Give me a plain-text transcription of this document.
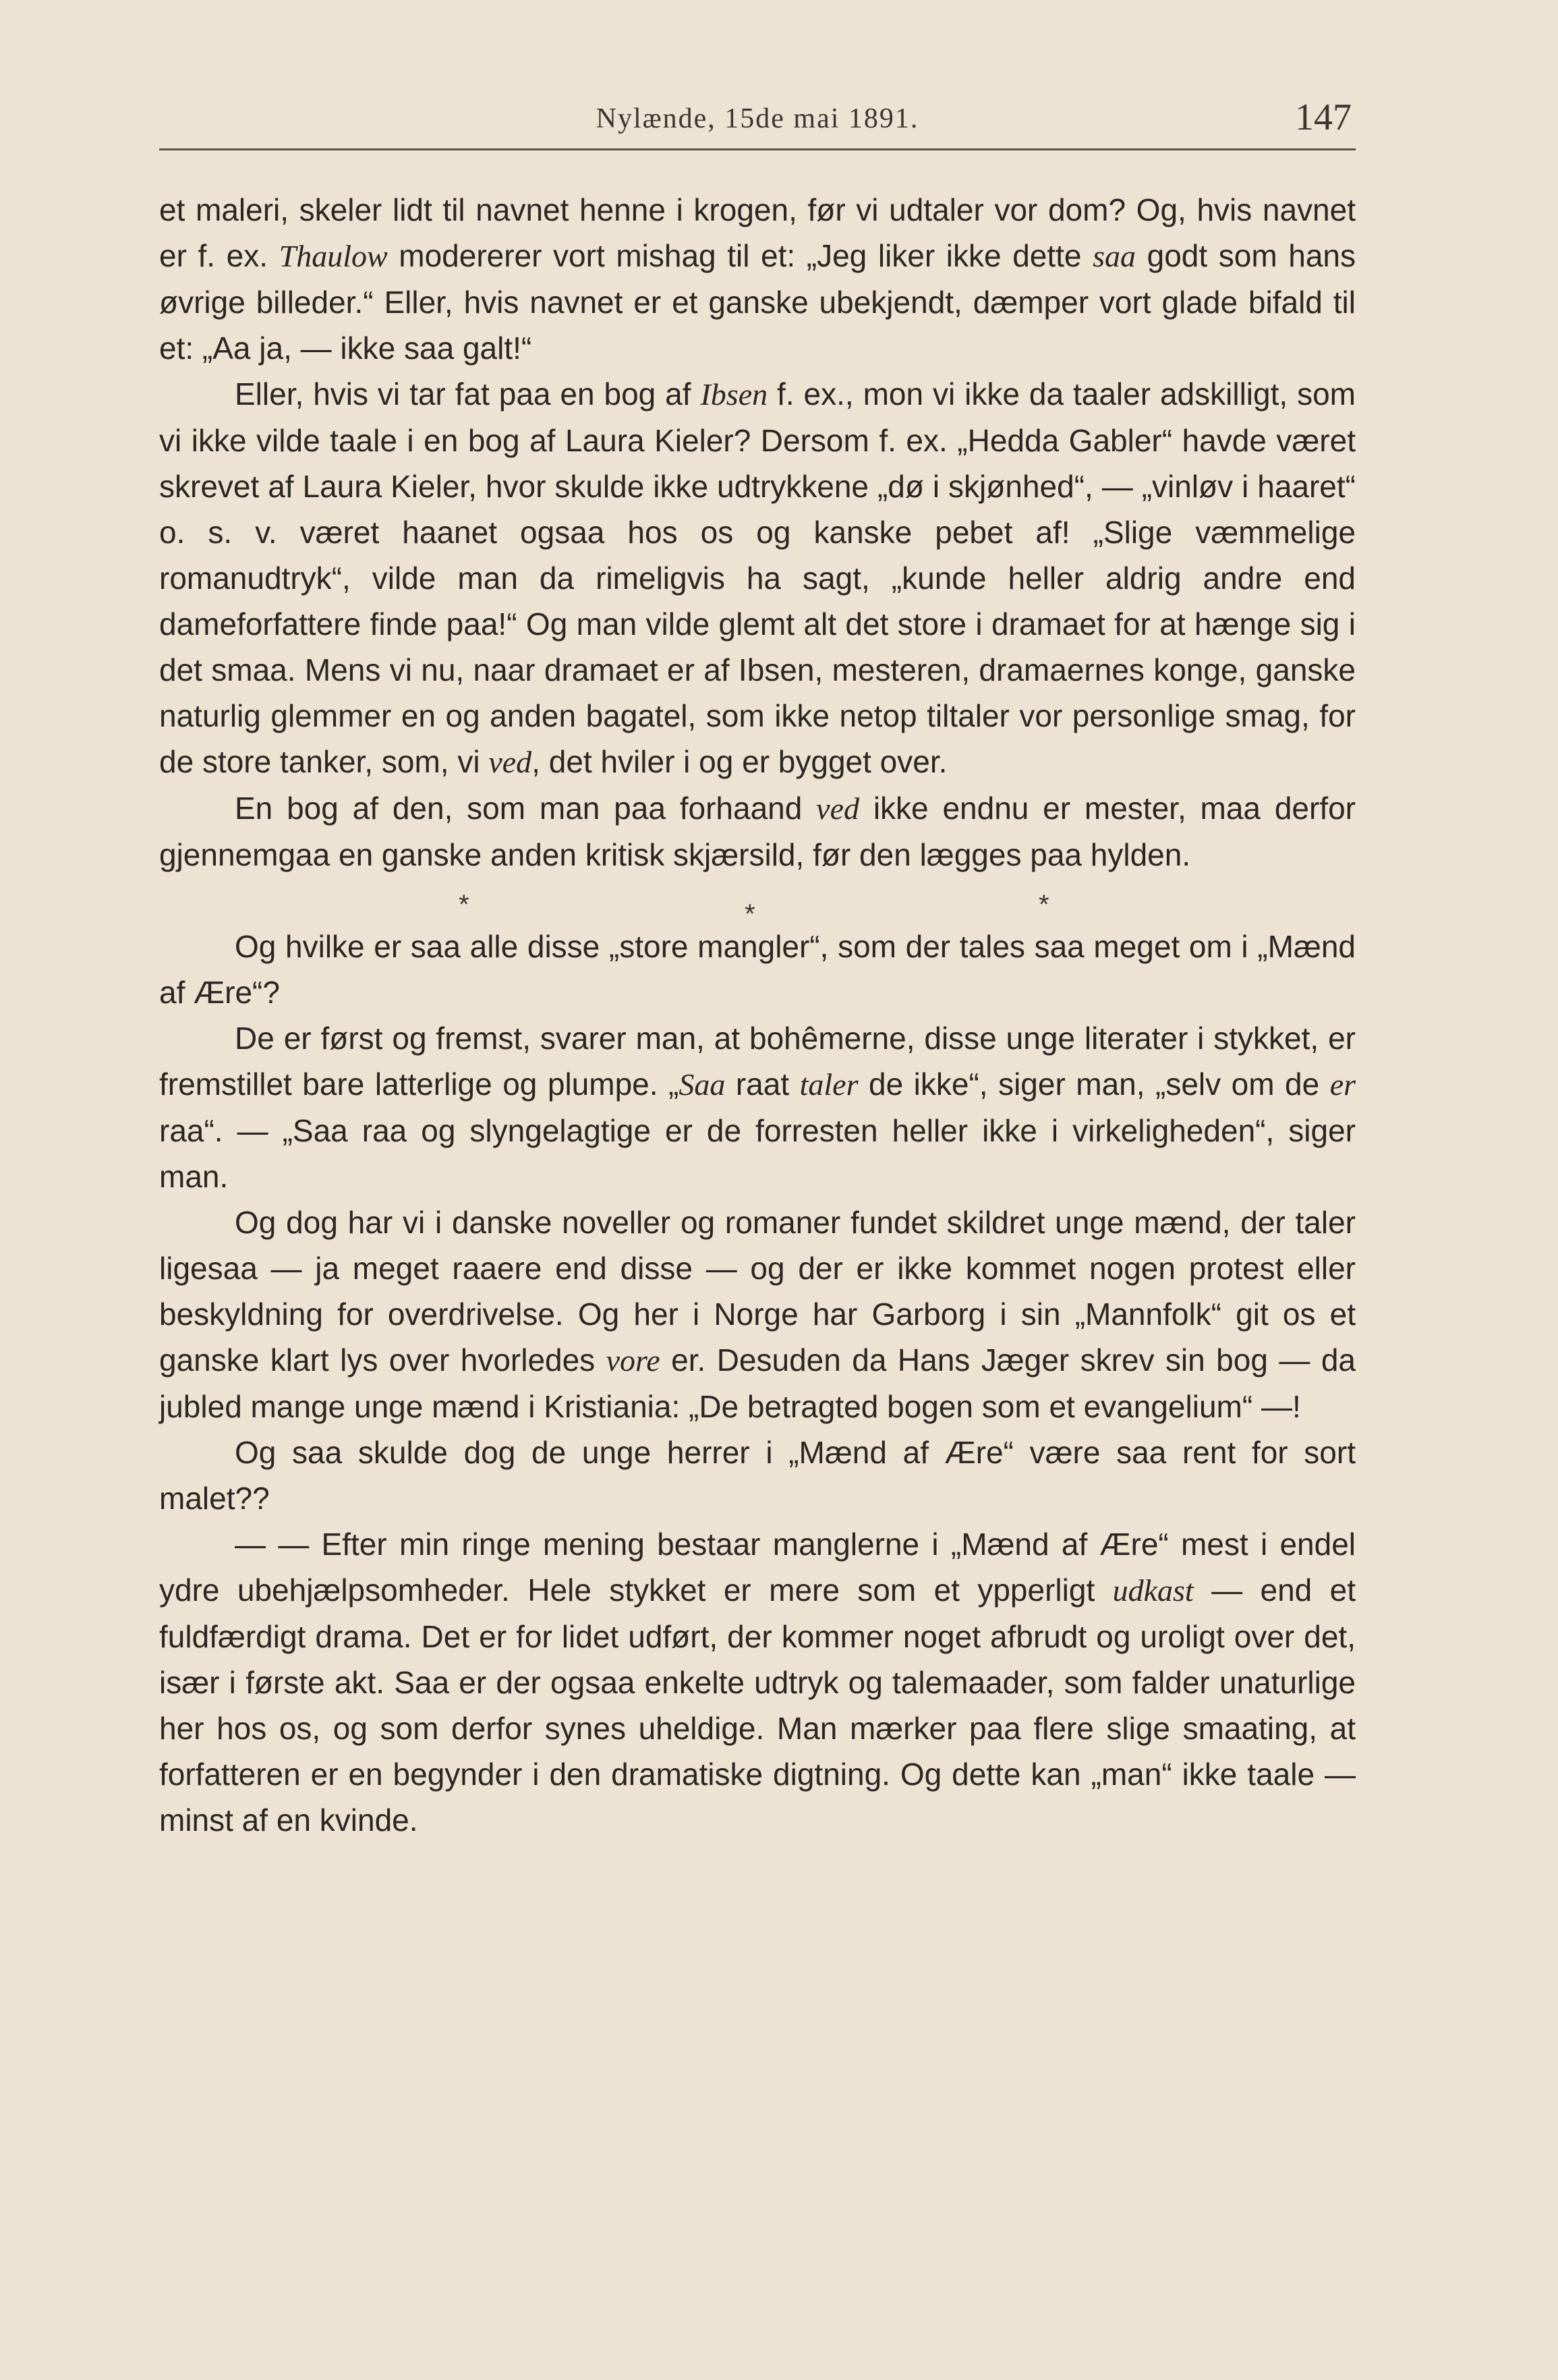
Nylænde, 15de mai 1891.	147

et maleri, skeler lidt til navnet henne i krogen, før vi udtaler vor dom? Og, hvis navnet er f. ex. Thaulow modererer vort mishag til et: „Jeg liker ikke dette saa godt som hans øvrige billeder.“ Eller, hvis navnet er et ganske ubekjendt, dæmper vort glade bifald til et: „Aa ja, — ikke saa galt!“

Eller, hvis vi tar fat paa en bog af Ibsen f. ex., mon vi ikke da taaler adskilligt, som vi ikke vilde taale i en bog af Laura Kieler? Dersom f. ex. „Hedda Gabler“ havde været skrevet af Laura Kieler, hvor skulde ikke udtrykkene „dø i skjønhed“, — „vinløv i haaret“ o. s. v. været haanet ogsaa hos os og kanske pebet af! „Slige væmmelige romanudtryk“, vilde man da rimeligvis ha sagt, „kunde heller aldrig andre end dameforfattere finde paa!“ Og man vilde glemt alt det store i dramaet for at hænge sig i det smaa. Mens vi nu, naar dramaet er af Ibsen, mesteren, dramaernes konge, ganske naturlig glemmer en og anden bagatel, som ikke netop tiltaler vor personlige smag, for de store tanker, som, vi ved, det hviler i og er bygget over.

En bog af den, som man paa forhaand ved ikke endnu er mester, maa derfor gjennemgaa en ganske anden kritisk skjærsild, før den lægges paa hylden.

*	*	*

Og hvilke er saa alle disse „store mangler“, som der tales saa meget om i „Mænd af Ære“?

De er først og fremst, svarer man, at bohêmerne, disse unge literater i stykket, er fremstillet bare latterlige og plumpe. „Saa raat taler de ikke“, siger man, „selv om de er raa“. — „Saa raa og slyngelagtige er de forresten heller ikke i virkeligheden“, siger man.

Og dog har vi i danske noveller og romaner fundet skildret unge mænd, der taler ligesaa — ja meget raaere end disse — og der er ikke kommet nogen protest eller beskyldning for overdrivelse. Og her i Norge har Garborg i sin „Mannfolk“ git os et ganske klart lys over hvorledes vore er. Desuden da Hans Jæger skrev sin bog — da jubled mange unge mænd i Kristiania: „De betragted bogen som et evangelium“ —!

Og saa skulde dog de unge herrer i „Mænd af Ære“ være saa rent for sort malet??

— — Efter min ringe mening bestaar manglerne i „Mænd af Ære“ mest i endel ydre ubehjælpsomheder. Hele stykket er mere som et ypperligt udkast — end et fuldfærdigt drama. Det er for lidet udført, der kommer noget afbrudt og uroligt over det, især i første akt. Saa er der ogsaa enkelte udtryk og talemaader, som falder unaturlige her hos os, og som derfor synes uheldige. Man mærker paa flere slige smaating, at forfatteren er en begynder i den dramatiske digtning. Og dette kan „man“ ikke taale — minst af en kvinde.
